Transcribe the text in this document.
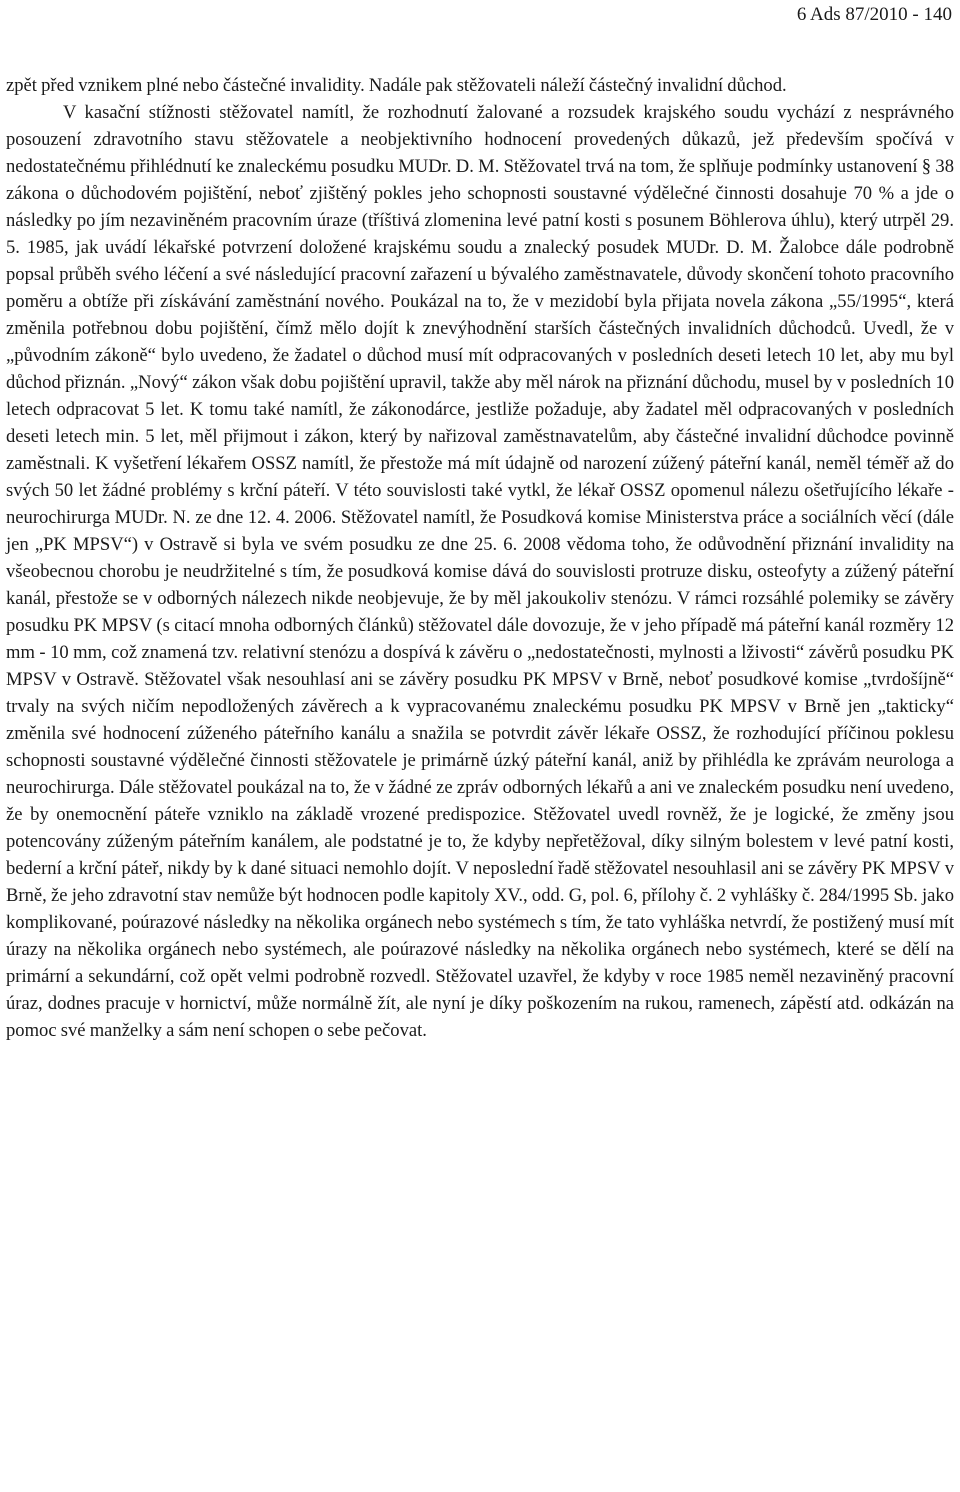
6 Ads 87/2010 - 140

zpět před vznikem plné nebo částečné invalidity. Nadále pak stěžovateli náleží částečný invalidní důchod.

V kasační stížnosti stěžovatel namítl, že rozhodnutí žalované a rozsudek krajského soudu vychází z nesprávného posouzení zdravotního stavu stěžovatele a neobjektivního hodnocení provedených důkazů, jež především spočívá v nedostatečnému přihlédnutí ke znaleckému posudku MUDr. D. M. Stěžovatel trvá na tom, že splňuje podmínky ustanovení § 38 zákona o důchodovém pojištění, neboť zjištěný pokles jeho schopnosti soustavné výdělečné činnosti dosahuje 70 % a jde o následky po jím nezaviněném pracovním úraze (tříštivá zlomenina levé patní kosti s posunem Böhlerova úhlu), který utrpěl 29. 5. 1985, jak uvádí lékařské potvrzení doložené krajskému soudu a znalecký posudek MUDr. D. M. Žalobce dále podrobně popsal průběh svého léčení a své následující pracovní zařazení u bývalého zaměstnavatele, důvody skončení tohoto pracovního poměru a obtíže při získávání zaměstnání nového. Poukázal na to, že v mezidobí byla přijata novela zákona „55/1995“, která změnila potřebnou dobu pojištění, čímž mělo dojít k znevýhodnění starších částečných invalidních důchodců. Uvedl, že v „původním zákoně“ bylo uvedeno, že žadatel o důchod musí mít odpracovaných v posledních deseti letech 10 let, aby mu byl důchod přiznán. „Nový“ zákon však dobu pojištění upravil, takže aby měl nárok na přiznání důchodu, musel by v posledních 10 letech odpracovat 5 let. K tomu také namítl, že zákonodárce, jestliže požaduje, aby žadatel měl odpracovaných v posledních deseti letech min. 5 let, měl přijmout i zákon, který by nařizoval zaměstnavatelům, aby částečné invalidní důchodce povinně zaměstnali. K vyšetření lékařem OSSZ namítl, že přestože má mít údajně od narození zúžený páteřní kanál, neměl téměř až do svých 50 let žádné problémy s krční páteří. V této souvislosti také vytkl, že lékař OSSZ opomenul nálezu ošetřujícího lékaře - neurochirurga MUDr. N. ze dne 12. 4. 2006. Stěžovatel namítl, že Posudková komise Ministerstva práce a sociálních věcí (dále jen „PK MPSV“) v Ostravě si byla ve svém posudku ze dne 25. 6. 2008 vědoma toho, že odůvodnění přiznání invalidity na všeobecnou chorobu je neudržitelné s tím, že posudková komise dává do souvislosti protruze disku, osteofyty a zúžený páteřní kanál, přestože se v odborných nálezech nikde neobjevuje, že by měl jakoukoliv stenózu. V rámci rozsáhlé polemiky se závěry posudku PK MPSV (s citací mnoha odborných článků) stěžovatel dále dovozuje, že v jeho případě má páteřní kanál rozměry 12 mm - 10 mm, což znamená tzv. relativní stenózu a dospívá k závěru o „nedostatečnosti, mylnosti a lživosti“ závěrů posudku PK MPSV v Ostravě. Stěžovatel však nesouhlasí ani se závěry posudku PK MPSV v Brně, neboť posudkové komise „tvrdošíjně“ trvaly na svých ničím nepodložených závěrech a k vypracovanému znaleckému posudku PK MPSV v Brně jen „takticky“ změnila své hodnocení zúženého páteřního kanálu a snažila se potvrdit závěr lékaře OSSZ, že rozhodující příčinou poklesu schopnosti soustavné výdělečné činnosti stěžovatele je primárně úzký páteřní kanál, aniž by přihlédla ke zprávám neurologa a neurochirurga. Dále stěžovatel poukázal na to, že v žádné ze zpráv odborných lékařů a ani ve znaleckém posudku není uvedeno, že by onemocnění páteře vzniklo na základě vrozené predispozice. Stěžovatel uvedl rovněž, že je logické, že změny jsou potencovány zúženým páteřním kanálem, ale podstatné je to, že kdyby nepřetěžoval, díky silným bolestem v levé patní kosti, bederní a krční páteř, nikdy by k dané situaci nemohlo dojít. V neposlední řadě stěžovatel nesouhlasil ani se závěry PK MPSV v Brně, že jeho zdravotní stav nemůže být hodnocen podle kapitoly XV., odd. G, pol. 6, přílohy č. 2 vyhlášky č. 284/1995 Sb. jako komplikované, poúrazové následky na několika orgánech nebo systémech s tím, že tato vyhláška netvrdí, že postižený musí mít úrazy na několika orgánech nebo systémech, ale poúrazové následky na několika orgánech nebo systémech, které se dělí na primární a sekundární, což opět velmi podrobně rozvedl. Stěžovatel uzavřel, že kdyby v roce 1985 neměl nezaviněný pracovní úraz, dodnes pracuje v hornictví, může normálně žít, ale nyní je díky poškozením na rukou, ramenech, zápěstí atd. odkázán na pomoc své manželky a sám není schopen o sebe pečovat.
